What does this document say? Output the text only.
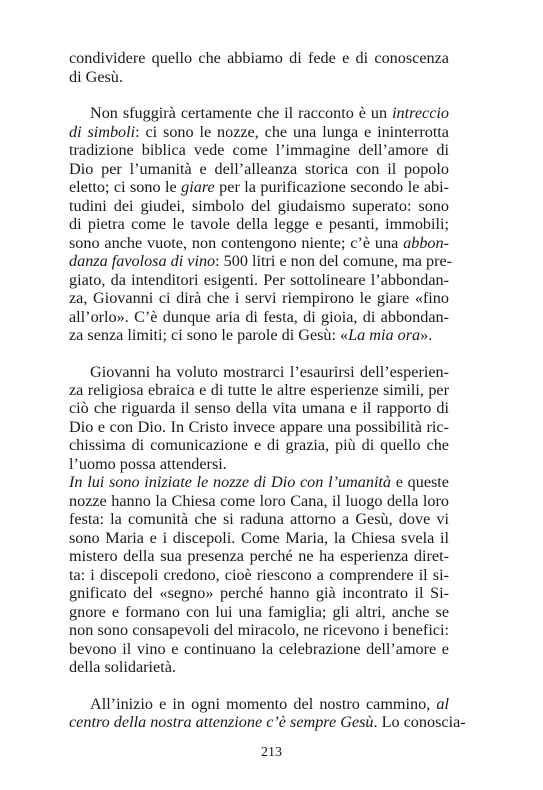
condividere quello che abbiamo di fede e di conoscenza
di Gesù.
Non sfuggirà certamente che il racconto è un intreccio
di simboli: ci sono le nozze, che una lunga e ininterrotta
tradizione biblica vede come l’immagine dell’amore di
Dio per l’umanità e dell’alleanza storica con il popolo
eletto; ci sono le giare per la purificazione secondo le abi-
tudini dei giudei, simbolo del giudaismo superato: sono
di pietra come le tavole della legge e pesanti, immobili;
sono anche vuote, non contengono niente; c’è una abbon-
danza favolosa di vino: 500 litri e non del comune, ma pre-
giato, da intenditori esigenti. Per sottolineare l’abbondan-
za, Giovanni ci dirà che i servi riempirono le giare «fino
all’orlo». C’è dunque aria di festa, di gioia, di abbondan-
za senza limiti; ci sono le parole di Gesù: «La mia ora».
Giovanni ha voluto mostrarci l’esaurirsi dell’esperien-
za religiosa ebraica e di tutte le altre esperienze simili, per
ciò che riguarda il senso della vita umana e il rapporto di
Dio e con Dio. In Cristo invece appare una possibilità ric-
chissima di comunicazione e di grazia, più di quello che
l’uomo possa attendersi.
In lui sono iniziate le nozze di Dio con l’umanità e queste
nozze hanno la Chiesa come loro Cana, il luogo della loro
festa: la comunità che si raduna attorno a Gesù, dove vi
sono Maria e i discepoli. Come Maria, la Chiesa svela il
mistero della sua presenza perché ne ha esperienza diret-
ta: i discepoli credono, cioè riescono a comprendere il si-
gnificato del «segno» perché hanno già incontrato il Si-
gnore e formano con lui una famiglia; gli altri, anche se
non sono consapevoli del miracolo, ne ricevono i benefici:
bevono il vino e continuano la celebrazione dell’amore e
della solidarietà.
All’inizio e in ogni momento del nostro cammino, al
centro della nostra attenzione c’è sempre Gesù. Lo conoscia-
213
